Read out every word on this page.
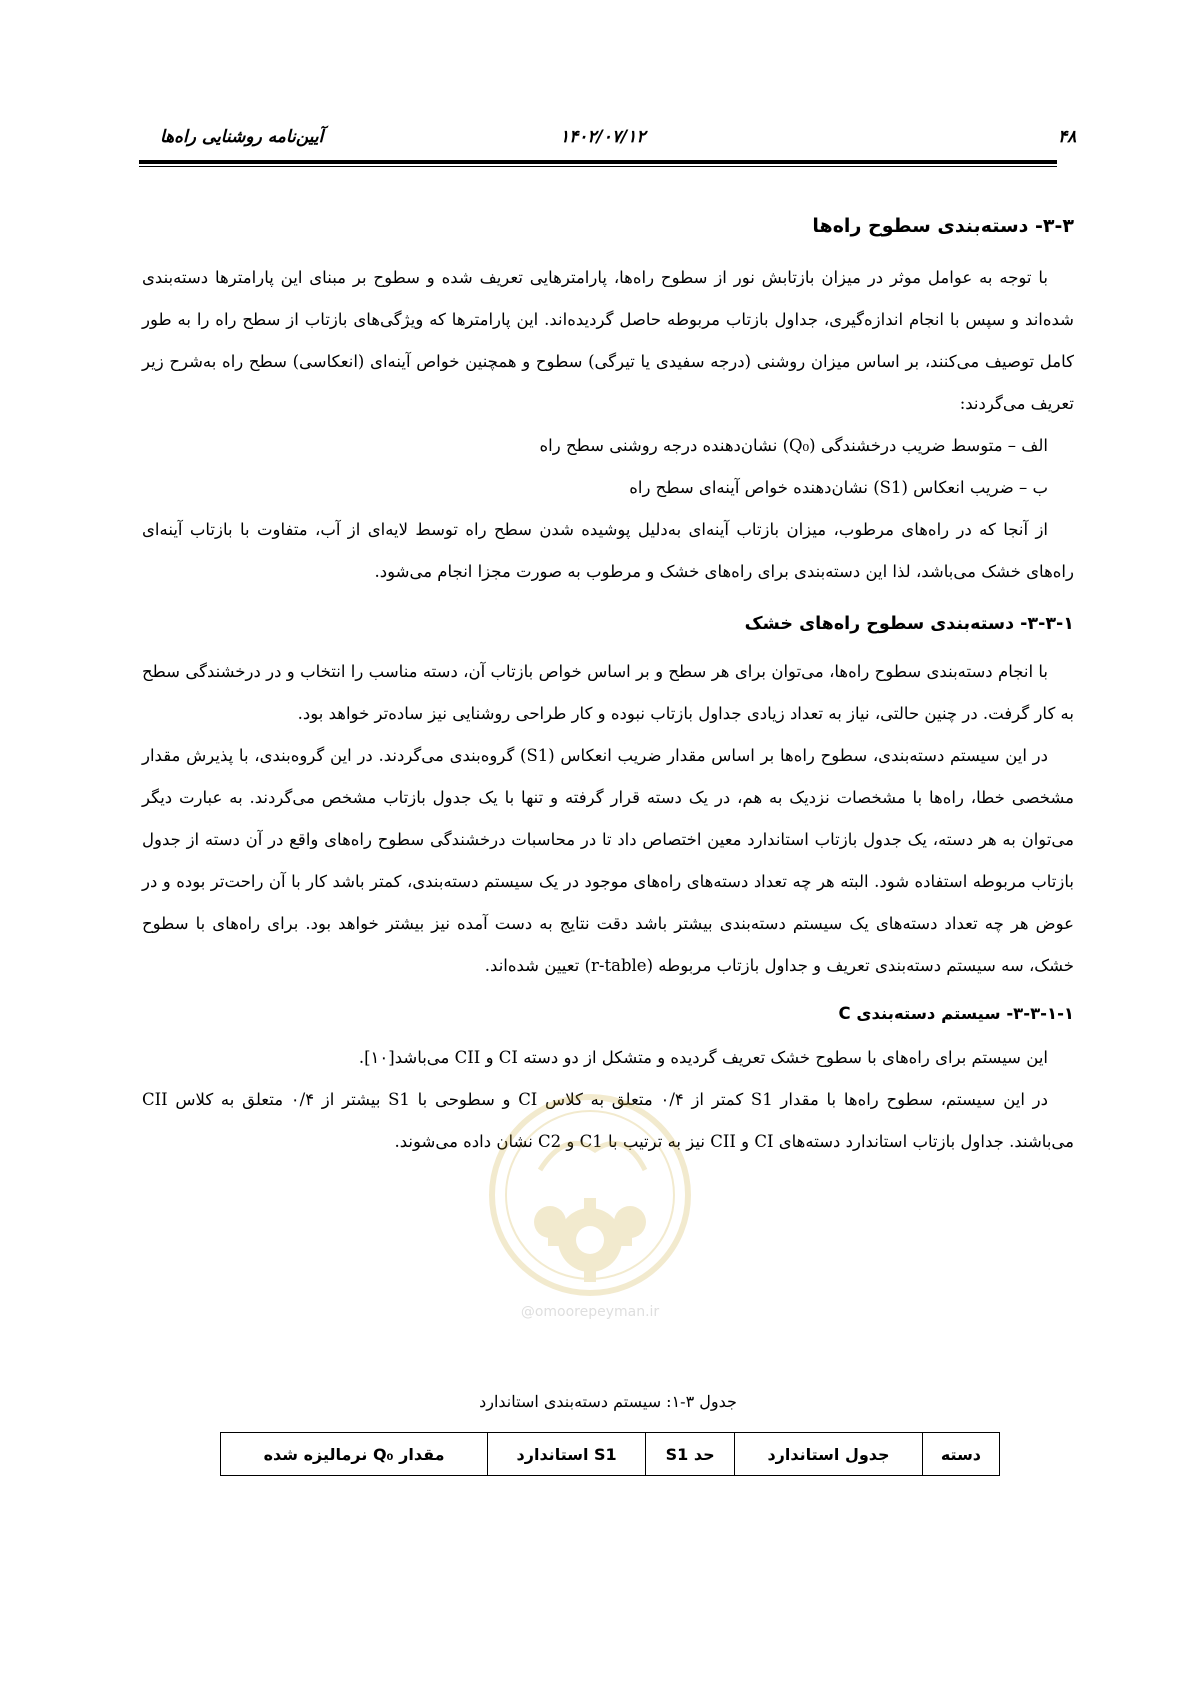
۴۸
۱۴۰۲/۰۷/۱۲
آیین‌نامه روشنایی راه‌ها
۳-۳- دسته‌بندی سطوح راه‌ها

با توجه به عوامل موثر در میزان بازتابش نور از سطوح راه‌ها، پارامترهایی تعریف شده و سطوح بر مبنای این پارامترها دسته‌بندی شده‌اند و سپس با انجام اندازه‌گیری، جداول بازتاب مربوطه حاصل گردیده‌اند. این پارامترها که ویژگی‌های بازتاب از سطح راه را به طور کامل توصیف می‌کنند، بر اساس میزان روشنی (درجه سفیدی یا تیرگی) سطوح و همچنین خواص آینه‌ای (انعکاسی) سطح راه به‌شرح زیر تعریف می‌گردند:

الف – متوسط ضریب درخشندگی (Q₀) نشان‌دهنده درجه روشنی سطح راه

ب – ضریب انعکاس (S1) نشان‌دهنده خواص آینه‌ای سطح راه

از آنجا که در راه‌های مرطوب، میزان بازتاب آینه‌ای به‌دلیل پوشیده شدن سطح راه توسط لایه‌ای از آب، متفاوت با بازتاب آینه‌ای راه‌های خشک می‌باشد، لذا این دسته‌بندی برای راه‌های خشک و مرطوب به صورت مجزا انجام می‌شود.

۳-۳-۱- دسته‌بندی سطوح راه‌های خشک

با انجام دسته‌بندی سطوح راه‌ها، می‌توان برای هر سطح و بر اساس خواص بازتاب آن، دسته مناسب را انتخاب و در درخشندگی سطح به کار گرفت. در چنین حالتی، نیاز به تعداد زیادی جداول بازتاب نبوده و کار طراحی روشنایی نیز ساده‌تر خواهد بود.

در این سیستم دسته‌بندی، سطوح راه‌ها بر اساس مقدار ضریب انعکاس (S1) گروه‌بندی می‌گردند. در این گروه‌بندی، با پذیرش مقدار مشخصی خطا، راه‌ها با مشخصات نزدیک به هم، در یک دسته قرار گرفته و تنها با یک جدول بازتاب مشخص می‌گردند. به عبارت دیگر می‌توان به هر دسته، یک جدول بازتاب استاندارد معین اختصاص داد تا در محاسبات درخشندگی سطوح راه‌های واقع در آن دسته از جدول بازتاب مربوطه استفاده شود. البته هر چه تعداد دسته‌های راه‌های موجود در یک سیستم دسته‌بندی، کمتر باشد کار با آن راحت‌تر بوده و در عوض هر چه تعداد دسته‌های یک سیستم دسته‌بندی بیشتر باشد دقت نتایج به دست آمده نیز بیشتر خواهد بود. برای راه‌های با سطوح خشک، سه سیستم دسته‌بندی تعریف و جداول بازتاب مربوطه (r-table) تعیین شده‌اند.

۳-۳-۱-۱- سیستم دسته‌بندی C

این سیستم برای راه‌های با سطوح خشک تعریف گردیده و متشکل از دو دسته CI و CII می‌باشد[۱۰].

در این سیستم، سطوح راه‌ها با مقدار S1 کمتر از ۰/۴ متعلق به کلاس CI و سطوحی با S1 بیشتر از ۰/۴ متعلق به کلاس CII می‌باشند. جداول بازتاب استاندارد دسته‌های CI و CII نیز به ترتیب با C1 و C2 نشان داده می‌شوند.

جدول ۳-۱: سیستم دسته‌بندی استاندارد
دسته	جدول استاندارد	حد S1	S1 استاندارد	مقدار Q₀ نرمالیزه شده
@omoorepeyman.ir
